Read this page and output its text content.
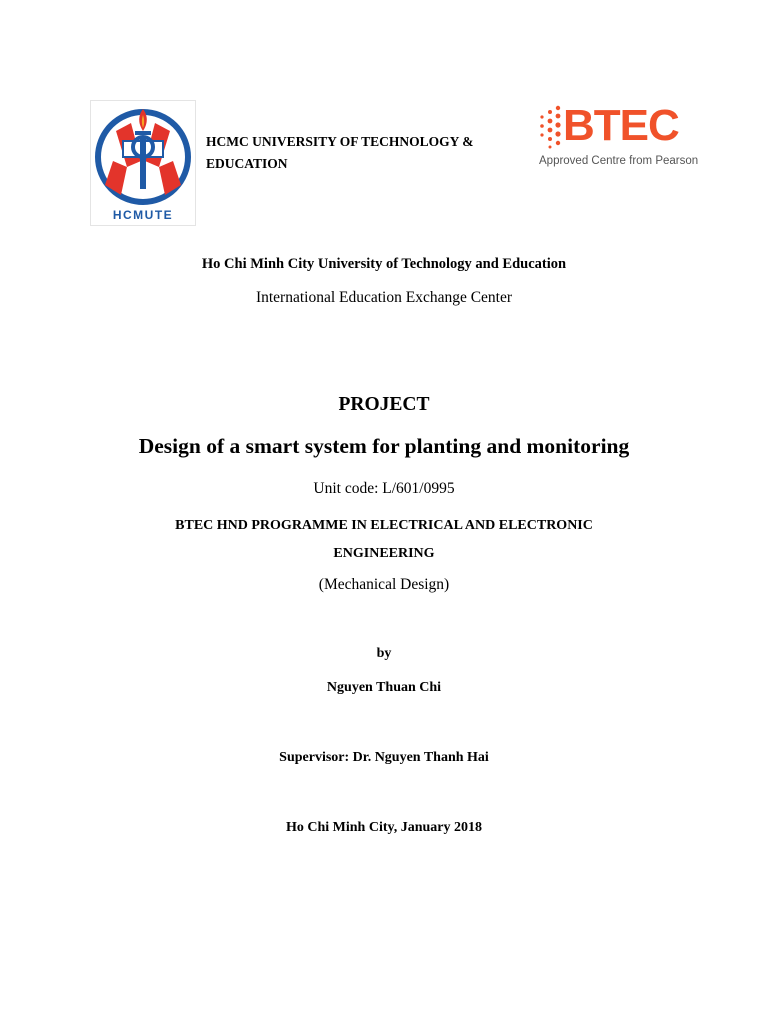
HCMUTE
HCMC UNIVERSITY OF TECHNOLOGY &
EDUCATION
BTEC
Approved Centre from Pearson
Ho Chi Minh City University of Technology and Education
International Education Exchange Center
PROJECT
Design of a smart system for planting and monitoring
Unit code: L/601/0995
BTEC HND PROGRAMME IN ELECTRICAL AND ELECTRONIC
ENGINEERING
(Mechanical Design)
by
Nguyen Thuan Chi
Supervisor: Dr. Nguyen Thanh Hai
Ho Chi Minh City, January 2018
